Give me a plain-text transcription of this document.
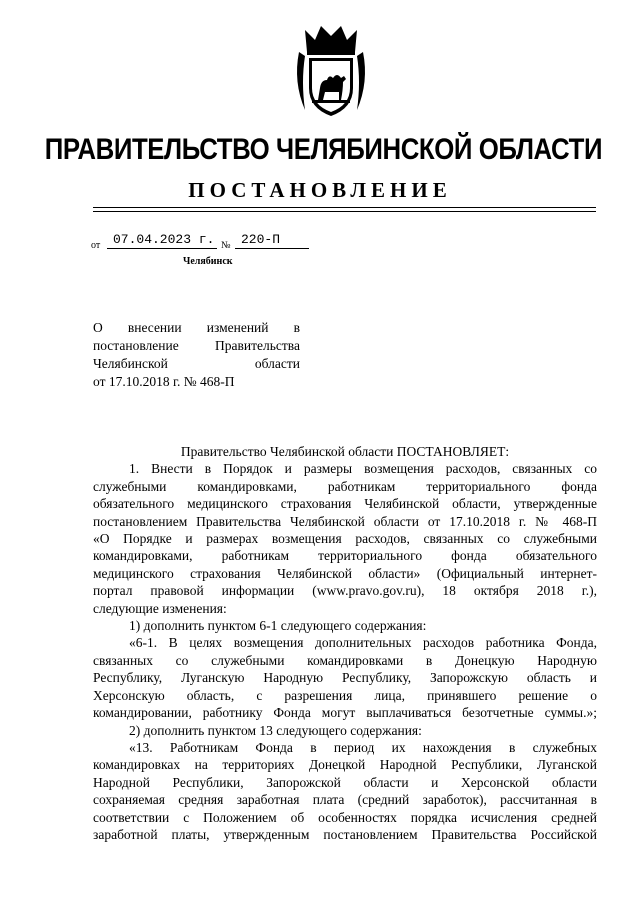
ПРАВИТЕЛЬСТВО ЧЕЛЯБИНСКОЙ ОБЛАСТИ
ПОСТАНОВЛЕНИЕ
от 07.04.2023 г. № 220-П
Челябинск
О внесении изменений в
постановление Правительства
Челябинской области
от 17.10.2018 г. № 468-П
Правительство Челябинской области ПОСТАНОВЛЯЕТ:
1. Внести в Порядок и размеры возмещения расходов, связанных со
служебными командировками, работникам территориального фонда
обязательного медицинского страхования Челябинской области, утвержденные
постановлением Правительства Челябинской области от 17.10.2018 г. № 468-П
«О Порядке и размерах возмещения расходов, связанных со служебными
командировками, работникам территориального фонда обязательного
медицинского страхования Челябинской области» (Официальный интернет-
портал правовой информации (www.pravo.gov.ru), 18 октября 2018 г.),
следующие изменения:
1) дополнить пунктом 6-1 следующего содержания:
«6-1. В целях возмещения дополнительных расходов работника Фонда,
связанных со служебными командировками в Донецкую Народную
Республику, Луганскую Народную Республику, Запорожскую область и
Херсонскую область, с разрешения лица, принявшего решение о
командировании, работнику Фонда могут выплачиваться безотчетные суммы.»;
2) дополнить пунктом 13 следующего содержания:
«13. Работникам Фонда в период их нахождения в служебных
командировках на территориях Донецкой Народной Республики, Луганской
Народной Республики, Запорожской области и Херсонской области
сохраняемая средняя заработная плата (средний заработок), рассчитанная в
соответствии с Положением об особенностях порядка исчисления средней
заработной платы, утвержденным постановлением Правительства Российской
